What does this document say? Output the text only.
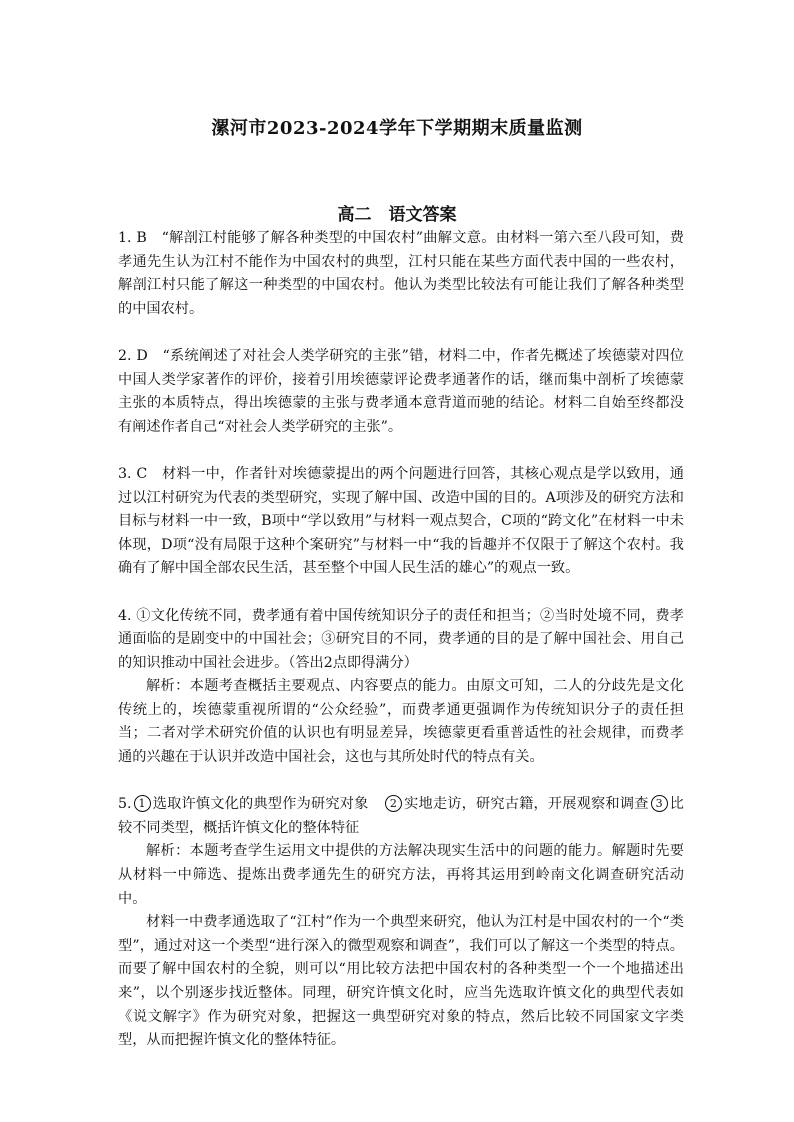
漯河市2023-2024学年下学期期末质量监测
高二　语文答案

1. B　“解剖江村能够了解各种类型的中国农村”曲解文意。由材料一第六至八段可知，费孝通先生认为江村不能作为中国农村的典型，江村只能在某些方面代表中国的一些农村，解剖江村只能了解这一种类型的中国农村。他认为类型比较法有可能让我们了解各种类型的中国农村。

2. D　“系统阐述了对社会人类学研究的主张”错，材料二中，作者先概述了埃德蒙对四位中国人类学家著作的评价，接着引用埃德蒙评论费孝通著作的话，继而集中剖析了埃德蒙主张的本质特点，得出埃德蒙的主张与费孝通本意背道而驰的结论。材料二自始至终都没有阐述作者自己“对社会人类学研究的主张”。

3. C　材料一中，作者针对埃德蒙提出的两个问题进行回答，其核心观点是学以致用，通过以江村研究为代表的类型研究，实现了解中国、改造中国的目的。A项涉及的研究方法和目标与材料一中一致，B项中“学以致用”与材料一观点契合，C项的“跨文化”在材料一中未体现，D项“没有局限于这种个案研究”与材料一中“我的旨趣并不仅限于了解这个农村。我确有了解中国全部农民生活，甚至整个中国人民生活的雄心”的观点一致。

4. ①文化传统不同，费孝通有着中国传统知识分子的责任和担当；②当时处境不同，费孝通面临的是剧变中的中国社会；③研究目的不同，费孝通的目的是了解中国社会、用自己的知识推动中国社会进步。（答出2点即得满分）

解析：本题考查概括主要观点、内容要点的能力。由原文可知，二人的分歧先是文化传统上的，埃德蒙重视所谓的“公众经验”，而费孝通更强调作为传统知识分子的责任担当；二者对学术研究价值的认识也有明显差异，埃德蒙更看重普适性的社会规律，而费孝通的兴趣在于认识并改造中国社会，这也与其所处时代的特点有关。

5. 1 选取许慎文化的典型作为研究对象　2 实地走访，研究古籍，开展观察和调查 3 比较不同类型，概括许慎文化的整体特征

解析：本题考查学生运用文中提供的方法解决现实生活中的问题的能力。解题时先要从材料一中筛选、提炼出费孝通先生的研究方法，再将其运用到岭南文化调查研究活动中。

材料一中费孝通选取了“江村”作为一个典型来研究，他认为江村是中国农村的一个“类型”，通过对这一个类型“进行深入的微型观察和调查”，我们可以了解这一个类型的特点。而要了解中国农村的全貌，则可以“用比较方法把中国农村的各种类型一个一个地描述出来”，以个别逐步找近整体。同理，研究许慎文化时，应当先选取许慎文化的典型代表如《说文解字》作为研究对象，把握这一典型研究对象的特点，然后比较不同国家文字类型，从而把握许慎文化的整体特征。
